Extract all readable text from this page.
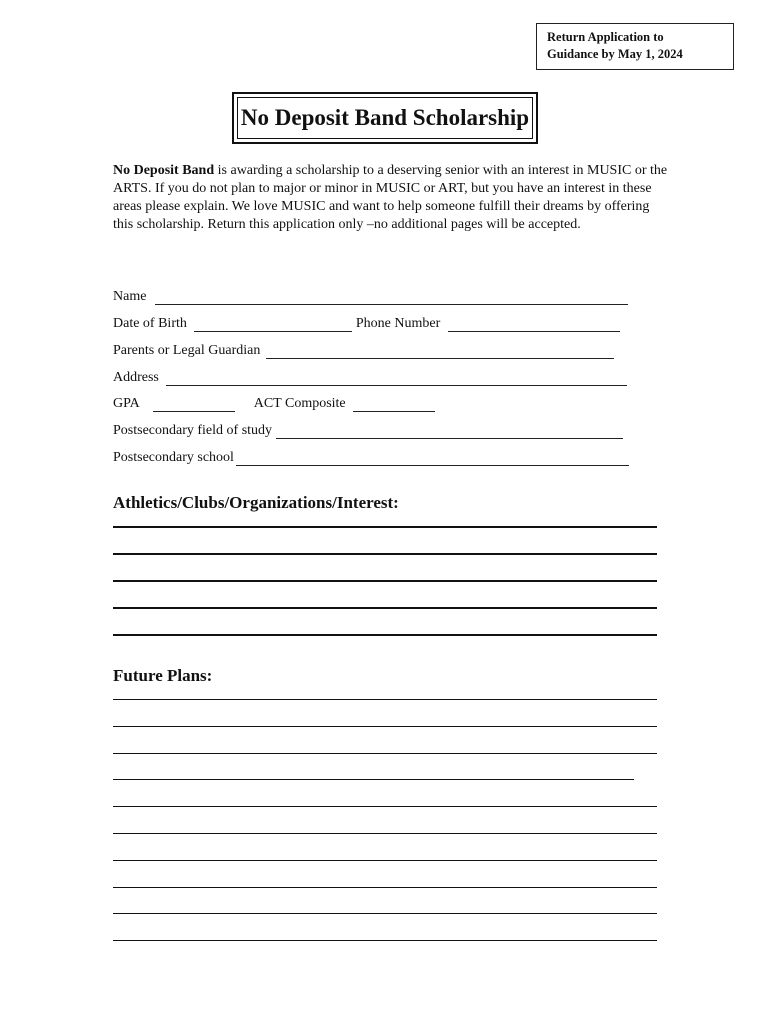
Return Application to
Guidance by May 1, 2024
No Deposit Band Scholarship
No Deposit Band is awarding a scholarship to a deserving senior with an interest in MUSIC or the ARTS. If you do not plan to major or minor in MUSIC or ART, but you have an interest in these areas please explain. We love MUSIC and want to help someone fulfill their dreams by offering this scholarship. Return this application only –no additional pages will be accepted.
Name
Date of Birth	Phone Number
Parents or Legal Guardian
Address
GPA	ACT Composite
Postsecondary field of study
Postsecondary school
Athletics/Clubs/Organizations/Interest:
Future Plans:
